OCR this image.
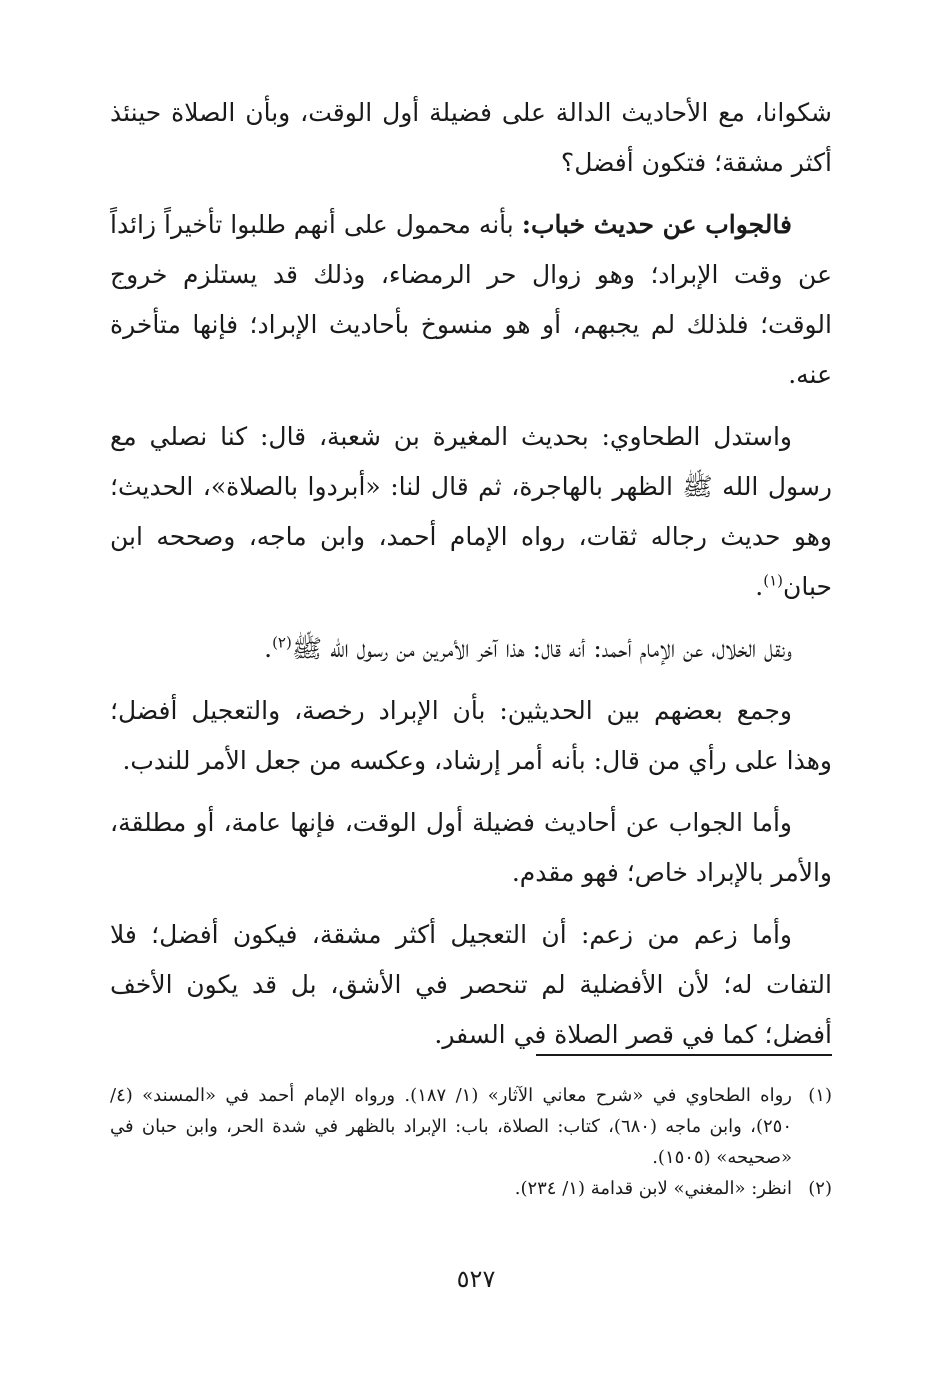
شكوانا، مع الأحاديث الدالة على فضيلة أول الوقت، وبأن الصلاة حينئذ أكثر مشقة؛ فتكون أفضل؟

فالجواب عن حديث خباب: بأنه محمول على أنهم طلبوا تأخيراً زائداً عن وقت الإبراد؛ وهو زوال حر الرمضاء، وذلك قد يستلزم خروج الوقت؛ فلذلك لم يجبهم، أو هو منسوخ بأحاديث الإبراد؛ فإنها متأخرة عنه.

واستدل الطحاوي: بحديث المغيرة بن شعبة، قال: كنا نصلي مع رسول الله ﷺ الظهر بالهاجرة، ثم قال لنا: «أبردوا بالصلاة»، الحديث؛ وهو حديث رجاله ثقات، رواه الإمام أحمد، وابن ماجه، وصححه ابن حبان$^{(١)}$.

ونقل الخلال، عن الإمام أحمد: أنه قال: هذا آخر الأمرين من رسول الله ﷺ$^{(٢)}$.

وجمع بعضهم بين الحديثين: بأن الإبراد رخصة، والتعجيل أفضل؛ وهذا على رأي من قال: بأنه أمر إرشاد، وعكسه من جعل الأمر للندب.

وأما الجواب عن أحاديث فضيلة أول الوقت، فإنها عامة، أو مطلقة، والأمر بالإبراد خاص؛ فهو مقدم.

وأما زعم من زعم: أن التعجيل أكثر مشقة، فيكون أفضل؛ فلا التفات له؛ لأن الأفضلية لم تنحصر في الأشق، بل قد يكون الأخف أفضل؛ كما في قصر الصلاة في السفر.

(١)
رواه الطحاوي في «شرح معاني الآثار» (١/ ١٨٧). ورواه الإمام أحمد في «المسند» (٤/ ٢٥٠)، وابن ماجه (٦٨٠)، كتاب: الصلاة، باب: الإبراد بالظهر في شدة الحر، وابن حبان في «صحيحه» (١٥٠٥).
(٢)
انظر: «المغني» لابن قدامة (١/ ٢٣٤).
٥٢٧
